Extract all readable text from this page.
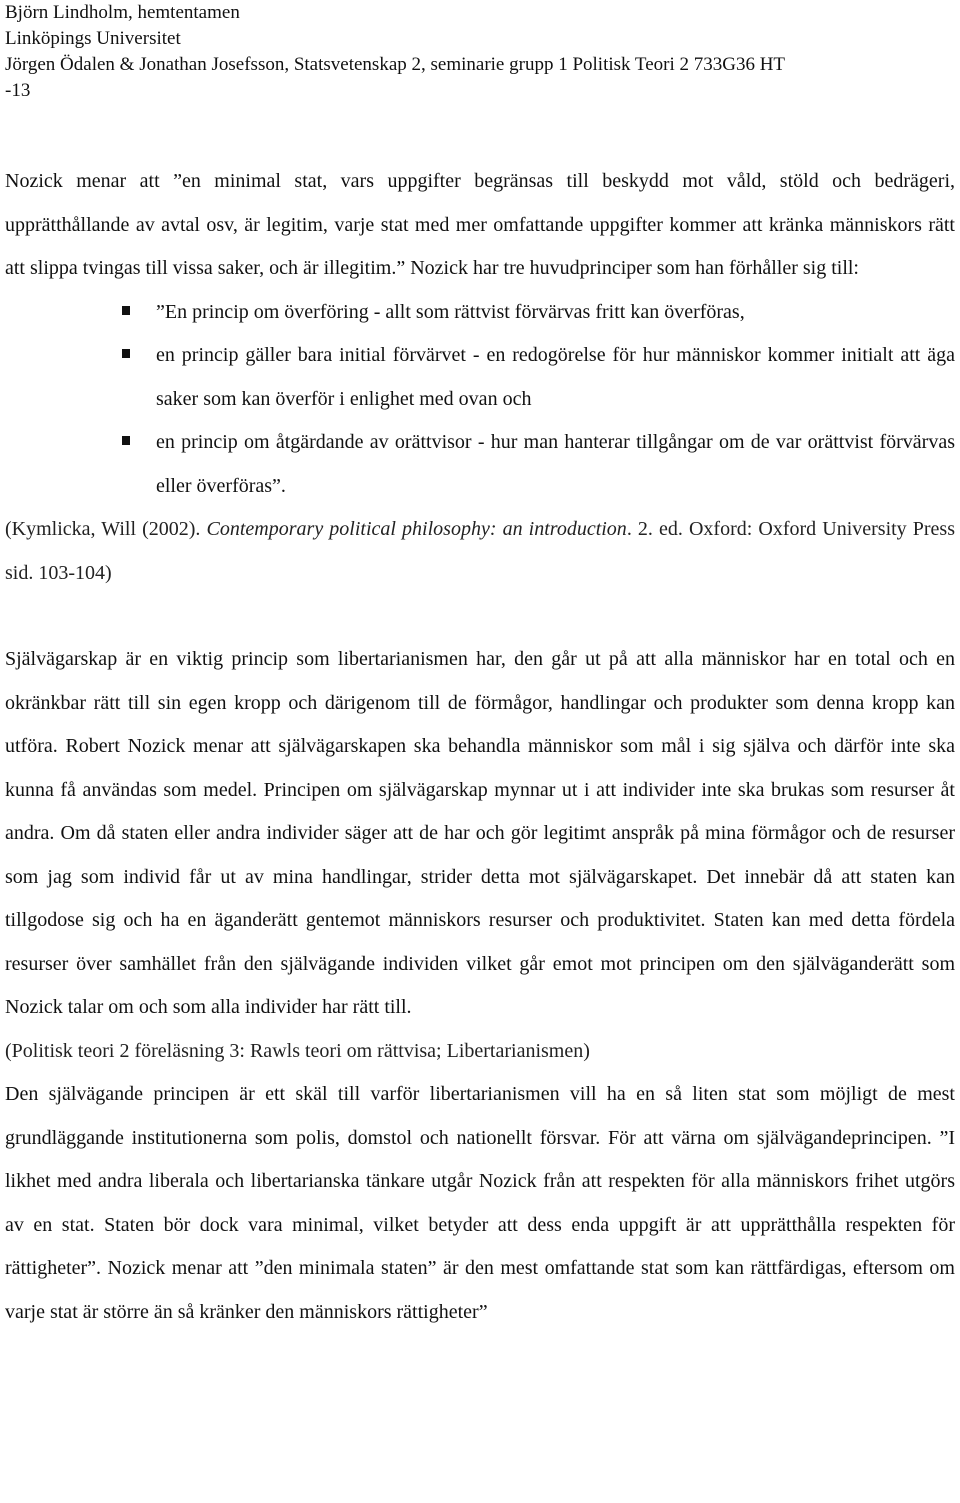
Björn Lindholm, hemtentamen
Linköpings Universitet
Jörgen Ödalen & Jonathan Josefsson, Statsvetenskap 2, seminarie grupp 1 Politisk Teori 2 733G36 HT
-13

Nozick menar att ”en minimal stat, vars uppgifter begränsas till beskydd mot våld, stöld och bedrägeri, upprätthållande av avtal osv, är legitim, varje stat med mer omfattande uppgifter kommer att kränka människors rätt att slippa tvingas till vissa saker, och är illegitim.” Nozick har tre huvudprinciper som han förhåller sig till:

”En princip om överföring - allt som rättvist förvärvas fritt kan överföras,
en princip gäller bara initial förvärvet - en redogörelse för hur människor kommer initialt att äga saker som kan överför i enlighet med ovan och
en princip om åtgärdande av orättvisor - hur man hanterar tillgångar om de var orättvist förvärvas eller överföras”.
(Kymlicka, Will (2002). Contemporary political philosophy: an introduction. 2. ed. Oxford: Oxford University Press sid. 103-104)

Självägarskap är en viktig princip som libertarianismen har, den går ut på att alla människor har en total och en okränkbar rätt till sin egen kropp och därigenom till de förmågor, handlingar och produkter som denna kropp kan utföra. Robert Nozick menar att självägarskapen ska behandla människor som mål i sig själva och därför inte ska kunna få användas som medel. Principen om självägarskap mynnar ut i att individer inte ska brukas som resurser åt andra. Om då staten eller andra individer säger att de har och gör legitimt anspråk på mina förmågor och de resurser som jag som individ får ut av mina handlingar, strider detta mot självägarskapet. Det innebär då att staten kan tillgodose sig och ha en äganderätt gentemot människors resurser och produktivitet. Staten kan med detta fördela resurser över samhället från den självägande individen vilket går emot mot principen om den själväganderätt som Nozick talar om och som alla individer har rätt till.

(Politisk teori 2 föreläsning 3: Rawls teori om rättvisa; Libertarianismen)

Den självägande principen är ett skäl till varför libertarianismen vill ha en så liten stat som möjligt de mest grundläggande institutionerna som polis, domstol och nationellt försvar. För att värna om självägandeprincipen. ”I likhet med andra liberala och libertarianska tänkare utgår Nozick från att respekten för alla människors frihet utgörs av en stat. Staten bör dock vara minimal, vilket betyder att dess enda uppgift är att upprätthålla respekten för rättigheter”. Nozick menar att ”den minimala staten” är den mest omfattande stat som kan rättfärdigas, eftersom om varje stat är större än så kränker den människors rättigheter”
